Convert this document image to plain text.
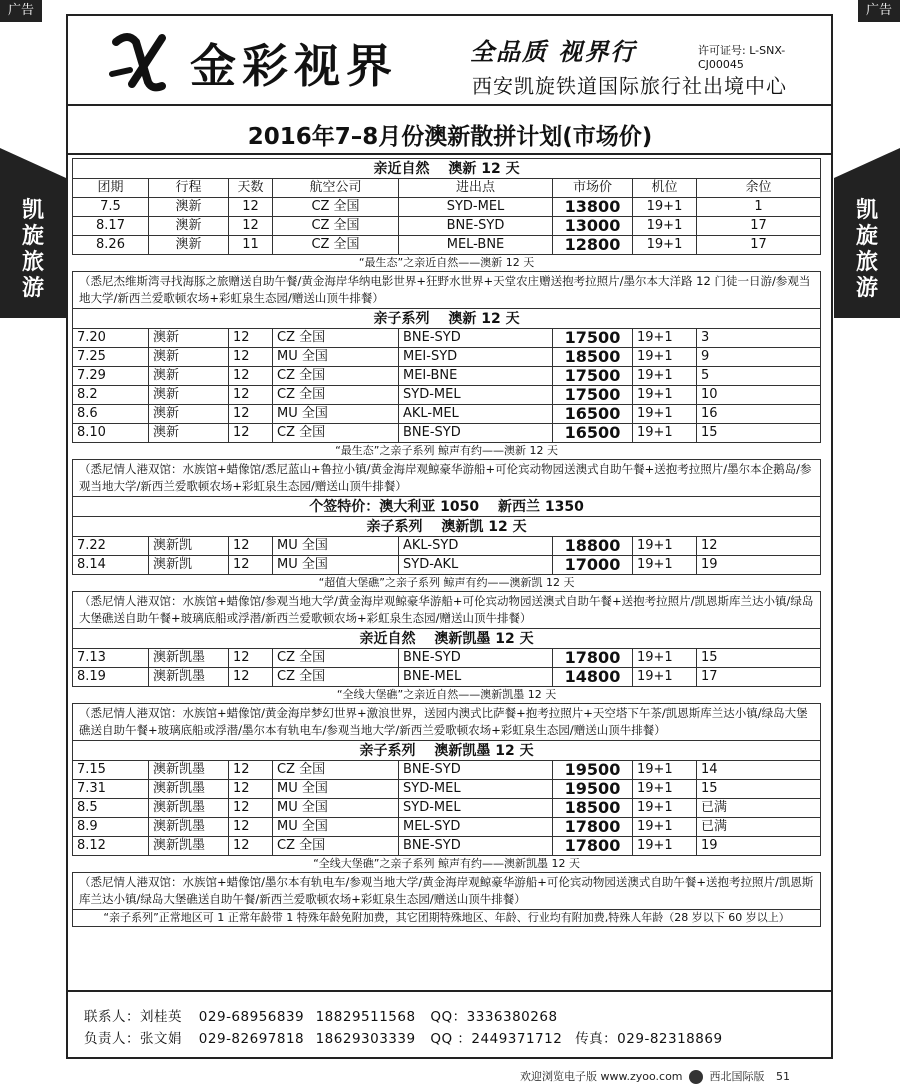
广告	广告
金彩视界	全品质 视界行	许可证号: L-SNX-CJ00045
西安凯旋铁道国际旅行社出境中心
凯
旋
旅
游
凯
旋
旅
游
2016年7–8月份澳新散拼计划(市场价)
亲近自然　 澳新 12 天							
团期	行程	天数	航空公司	进出点	市场价	机位	余位
7.5	澳新	12	CZ 全国	SYD-MEL	13800	19+1	1
8.17	澳新	12	CZ 全国	BNE-SYD	13000	19+1	17
8.26	澳新	11	CZ 全国	MEL-BNE	12800	19+1	17
“最生态”之亲近自然——澳新 12 天							
（悉尼杰维斯湾寻找海豚之旅赠送自助午餐/黄金海岸华纳电影世界+狂野水世界+天堂农庄赠送抱考拉照片/墨尔本大洋路 12 门徒一日游/参观当地大学/新西兰爱歌顿农场+彩虹泉生态园/赠送山顶牛排餐）							
亲子系列　 澳新 12 天							
7.20	澳新	12	CZ 全国	BNE-SYD	17500	19+1	3
7.25	澳新	12	MU 全国	MEI-SYD	18500	19+1	9
7.29	澳新	12	CZ 全国	MEI-BNE	17500	19+1	5
8.2	澳新	12	CZ 全国	SYD-MEL	17500	19+1	10
8.6	澳新	12	MU 全国	AKL-MEL	16500	19+1	16
8.10	澳新	12	CZ 全国	BNE-SYD	16500	19+1	15
“最生态”之亲子系列 鲸声有约——澳新 12 天							
（悉尼情人港双馆：水族馆+蜡像馆/悉尼蓝山+鲁拉小镇/黄金海岸观鲸豪华游船+可伦宾动物园送澳式自助午餐+送抱考拉照片/墨尔本企鹅岛/参观当地大学/新西兰爱歌顿农场+彩虹泉生态园/赠送山顶牛排餐）							
个签特价：澳大利亚 1050　 新西兰 1350							
亲子系列　 澳新凯 12 天							
7.22	澳新凯	12	MU 全国	AKL-SYD	18800	19+1	12
8.14	澳新凯	12	MU 全国	SYD-AKL	17000	19+1	19
“超值大堡礁”之亲子系列 鲸声有约——澳新凯 12 天							
（悉尼情人港双馆：水族馆+蜡像馆/参观当地大学/黄金海岸观鲸豪华游船+可伦宾动物园送澳式自助午餐+送抱考拉照片/凯恩斯库兰达小镇/绿岛大堡礁送自助午餐+玻璃底船或浮潜/新西兰爱歌顿农场+彩虹泉生态园/赠送山顶牛排餐）							
亲近自然　 澳新凯墨 12 天							
7.13	澳新凯墨	12	CZ 全国	BNE-SYD	17800	19+1	15
8.19	澳新凯墨	12	CZ 全国	BNE-MEL	14800	19+1	17
“全线大堡礁”之亲近自然——澳新凯墨 12 天							
（悉尼情人港双馆：水族馆+蜡像馆/黄金海岸梦幻世界+激浪世界，送园内澳式比萨餐+抱考拉照片+天空塔下午茶/凯恩斯库兰达小镇/绿岛大堡礁送自助午餐+玻璃底船或浮潜/墨尔本有轨电车/参观当地大学/新西兰爱歌顿农场+彩虹泉生态园/赠送山顶牛排餐）							
亲子系列　 澳新凯墨 12 天							
7.15	澳新凯墨	12	CZ 全国	BNE-SYD	19500	19+1	14
7.31	澳新凯墨	12	MU 全国	SYD-MEL	19500	19+1	15
8.5	澳新凯墨	12	MU 全国	SYD-MEL	18500	19+1	已满
8.9	澳新凯墨	12	MU 全国	MEL-SYD	17800	19+1	已满
8.12	澳新凯墨	12	CZ 全国	BNE-SYD	17800	19+1	19
“全线大堡礁”之亲子系列 鲸声有约——澳新凯墨 12 天							
（悉尼情人港双馆：水族馆+蜡像馆/墨尔本有轨电车/参观当地大学/黄金海岸观鲸豪华游船+可伦宾动物园送澳式自助午餐+送抱考拉照片/凯恩斯库兰达小镇/绿岛大堡礁送自助午餐/新西兰爱歌顿农场+彩虹泉生态园/赠送山顶牛排餐）							
“亲子系列”正常地区可 1 正常年龄带 1 特殊年龄免附加费，其它团期特殊地区、年龄、行业均有附加费,特殊人年龄（28 岁以下 60 岁以上）							
联系人：刘桂英 029-68956839 18829511568 QQ：3336380268
负责人：张文娟 029-82697818 18629303339 QQ ：2449371712 传真：029-82318869
欢迎浏览电子版 www.zyoo.com 西北国际版 51
